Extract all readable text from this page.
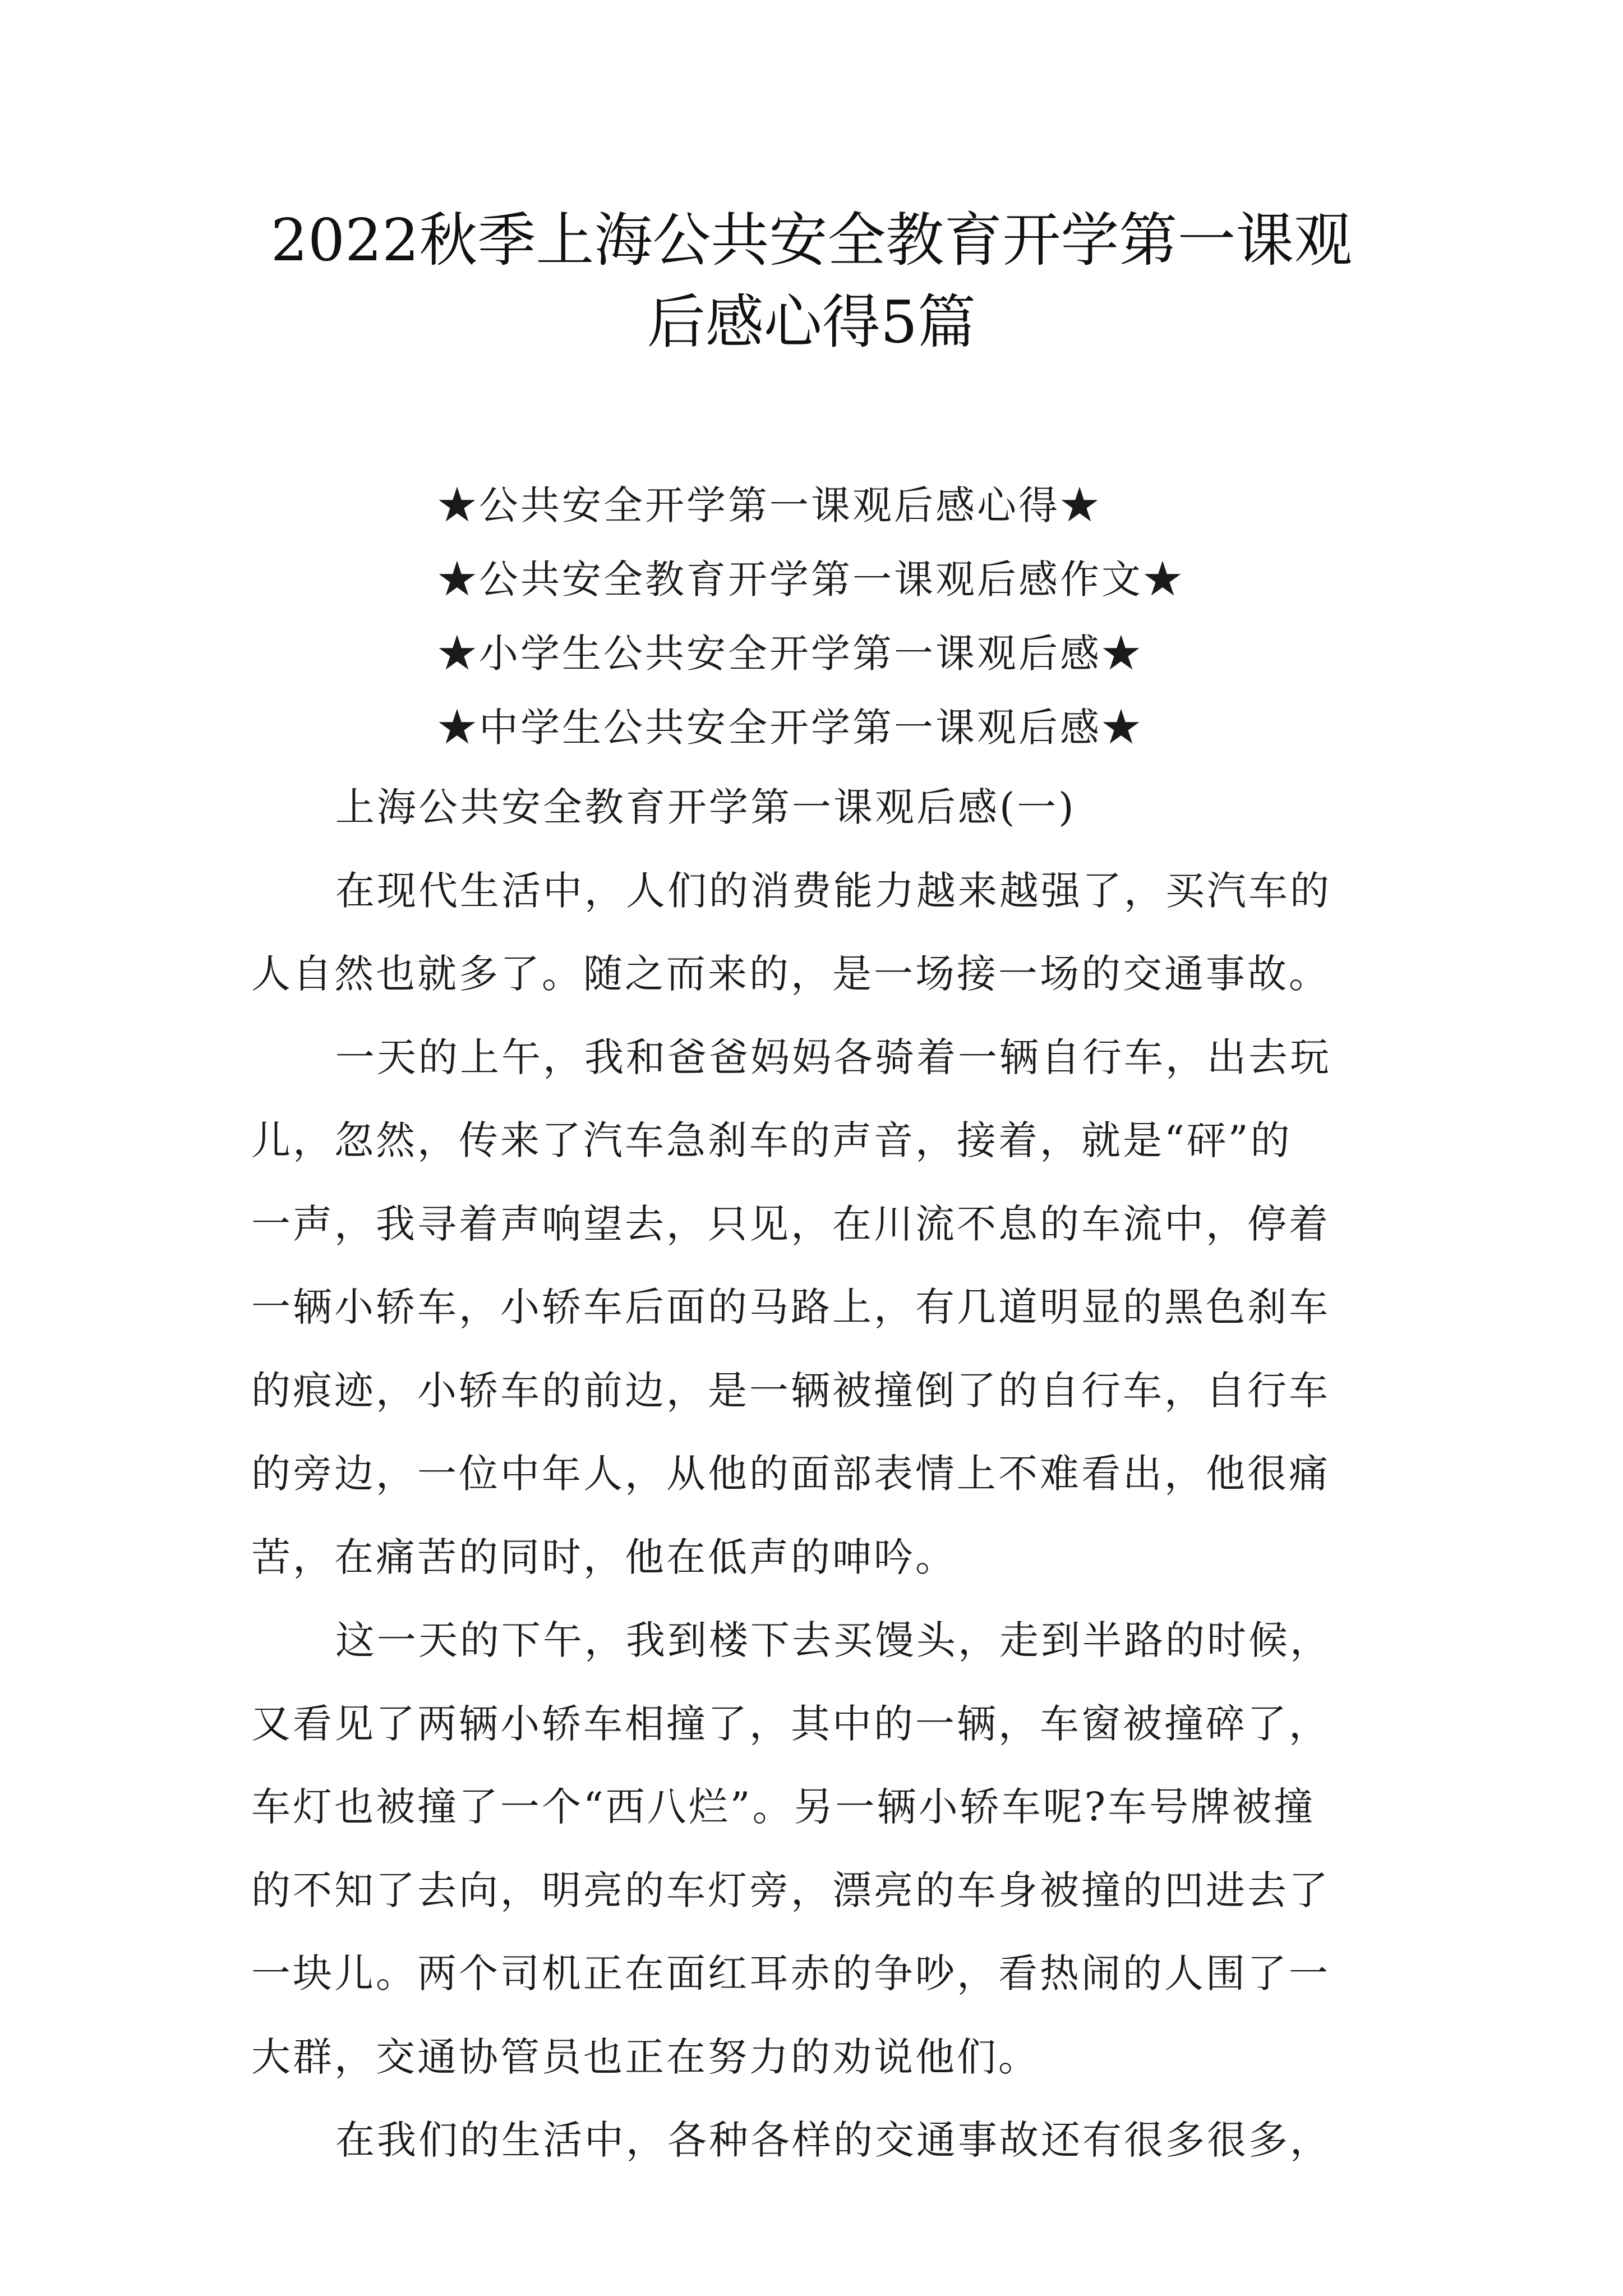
2022秋季上海公共安全教育开学第一课观
后感心得5篇
★公共安全开学第一课观后感心得★
★公共安全教育开学第一课观后感作文★
★小学生公共安全开学第一课观后感★
★中学生公共安全开学第一课观后感★
上海公共安全教育开学第一课观后感(一)
在现代生活中，人们的消费能力越来越强了，买汽车的
人自然也就多了。随之而来的，是一场接一场的交通事故。
一天的上午，我和爸爸妈妈各骑着一辆自行车，出去玩
儿，忽然，传来了汽车急刹车的声音，接着，就是“砰”的
一声，我寻着声响望去，只见，在川流不息的车流中，停着
一辆小轿车，小轿车后面的马路上，有几道明显的黑色刹车
的痕迹，小轿车的前边，是一辆被撞倒了的自行车，自行车
的旁边，一位中年人，从他的面部表情上不难看出，他很痛
苦，在痛苦的同时，他在低声的呻吟。
这一天的下午，我到楼下去买馒头，走到半路的时候，
又看见了两辆小轿车相撞了，其中的一辆，车窗被撞碎了，
车灯也被撞了一个“西八烂”。另一辆小轿车呢?车号牌被撞
的不知了去向，明亮的车灯旁，漂亮的车身被撞的凹进去了
一块儿。两个司机正在面红耳赤的争吵，看热闹的人围了一
大群，交通协管员也正在努力的劝说他们。
在我们的生活中，各种各样的交通事故还有很多很多，
